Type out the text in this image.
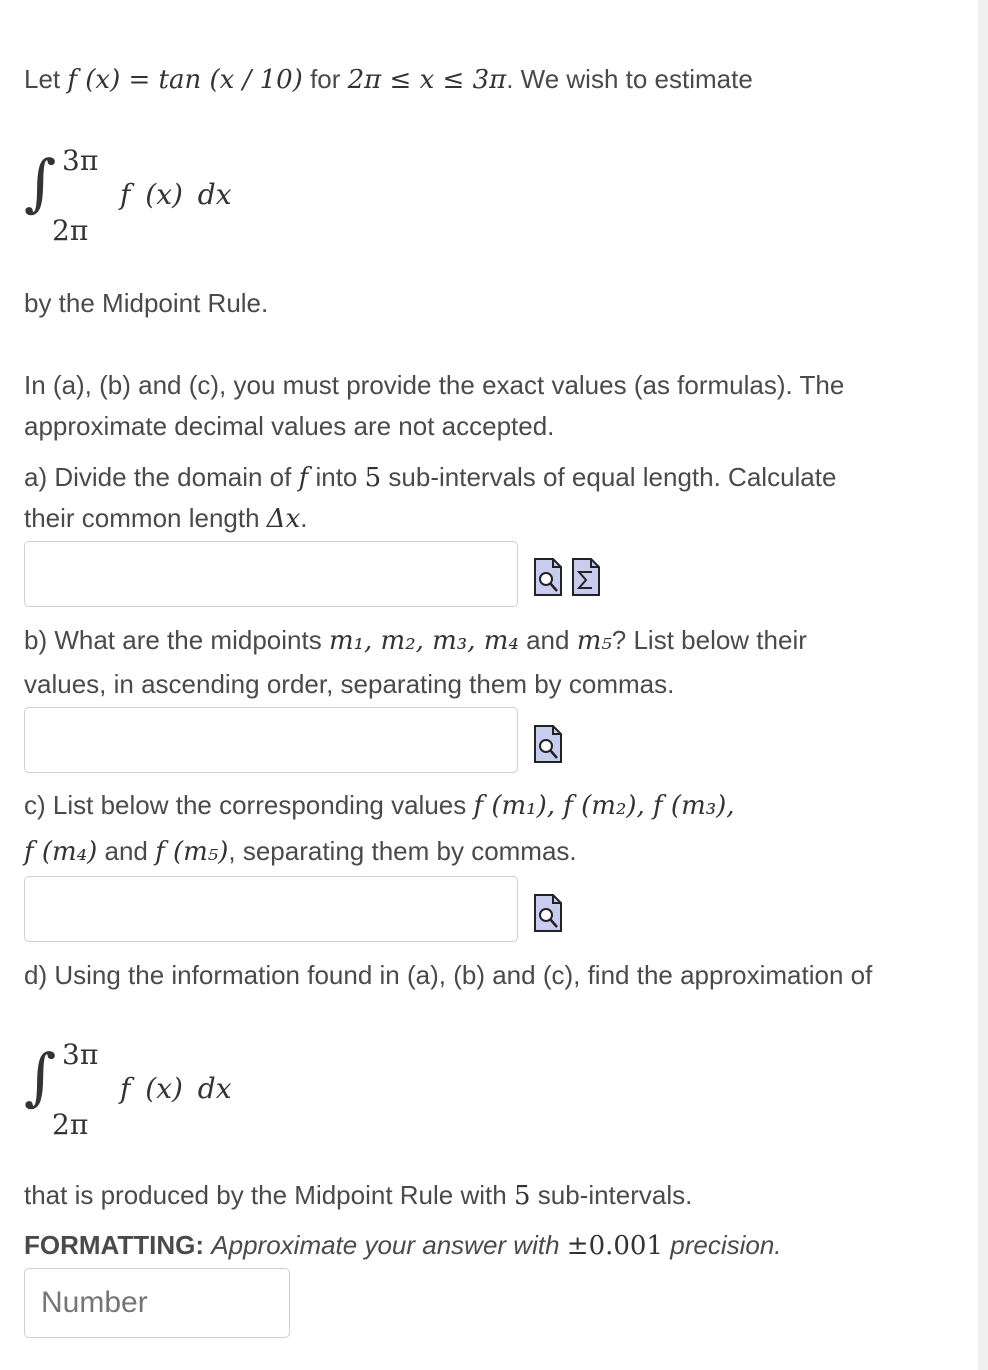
Let f (x) = tan (x / 10) for 2π ≤ x ≤ 3π. We wish to estimate
∫ 3π
2π
f (x) dx
by the Midpoint Rule.
In (a), (b) and (c), you must provide the exact values (as formulas). The
approximate decimal values are not accepted.
a) Divide the domain of f into 5 sub-intervals of equal length. Calculate
their common length Δx.
b) What are the midpoints m₁, m₂, m₃, m₄ and m₅? List below their
values, in ascending order, separating them by commas.
c) List below the corresponding values f (m₁), f (m₂), f (m₃),
f (m₄) and f (m₅), separating them by commas.
d) Using the information found in (a), (b) and (c), find the approximation of
∫ 3π
2π
f (x) dx
that is produced by the Midpoint Rule with 5 sub-intervals.
FORMATTING: Approximate your answer with ±0.001 precision.
Number
